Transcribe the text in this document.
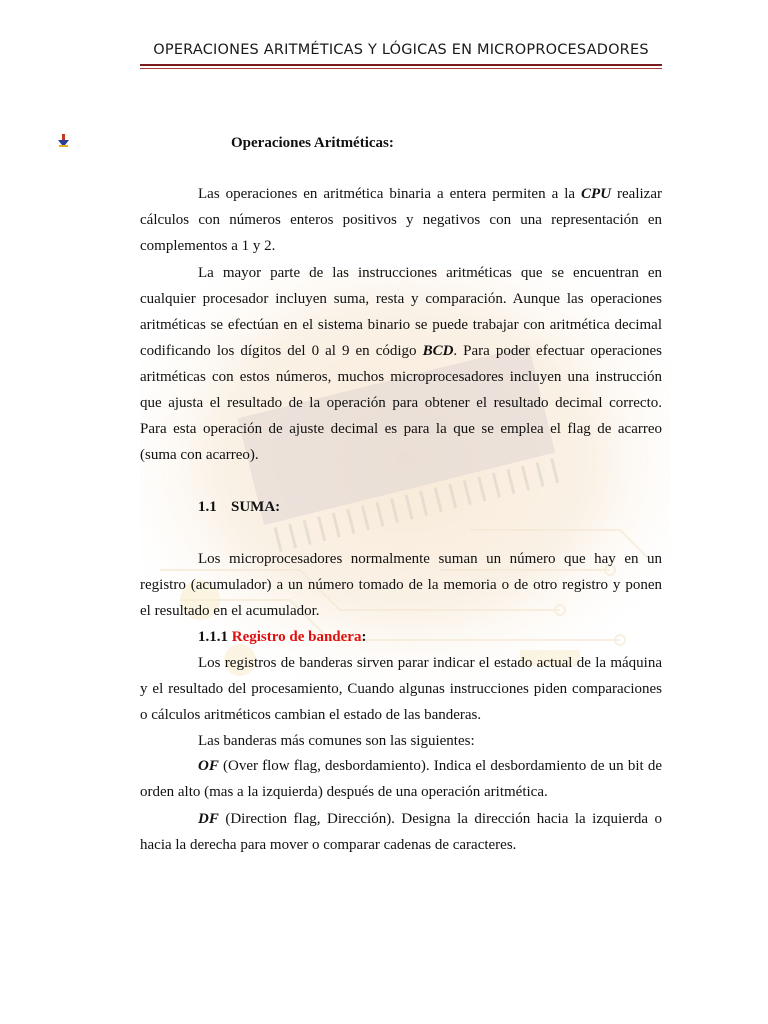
OPERACIONES ARITMÉTICAS Y LÓGICAS EN MICROPROCESADORES
Operaciones Aritméticas:
Las operaciones en aritmética binaria a entera permiten a la CPU realizar
cálculos con números enteros positivos y negativos con una representación en
complementos a 1 y 2.
La mayor parte de las instrucciones aritméticas que se encuentran en
cualquier procesador incluyen suma, resta y comparación. Aunque las operaciones
aritméticas se efectúan en el sistema binario se puede trabajar con aritmética decimal
codificando los dígitos del 0 al 9 en código BCD. Para poder efectuar operaciones
aritméticas con estos números, muchos microprocesadores incluyen una instrucción
que ajusta el resultado de la operación para obtener el resultado decimal correcto.
Para esta operación de ajuste decimal es para la que se emplea el flag de acarreo
(suma con acarreo).
1.1 SUMA:
Los microprocesadores normalmente suman un número que hay en un
registro (acumulador) a un número tomado de la memoria o de otro registro y ponen
el resultado en el acumulador.
1.1.1 Registro de bandera:
Los registros de banderas sirven parar indicar el estado actual de la máquina
y el resultado del procesamiento, Cuando algunas instrucciones piden comparaciones
o cálculos aritméticos cambian el estado de las banderas.
Las banderas más comunes son las siguientes:
OF (Over flow flag, desbordamiento). Indica el desbordamiento de un bit de
orden alto (mas a la izquierda) después de una operación aritmética.
DF (Direction flag, Dirección). Designa la dirección hacia la izquierda o
hacia la derecha para mover o comparar cadenas de caracteres.
